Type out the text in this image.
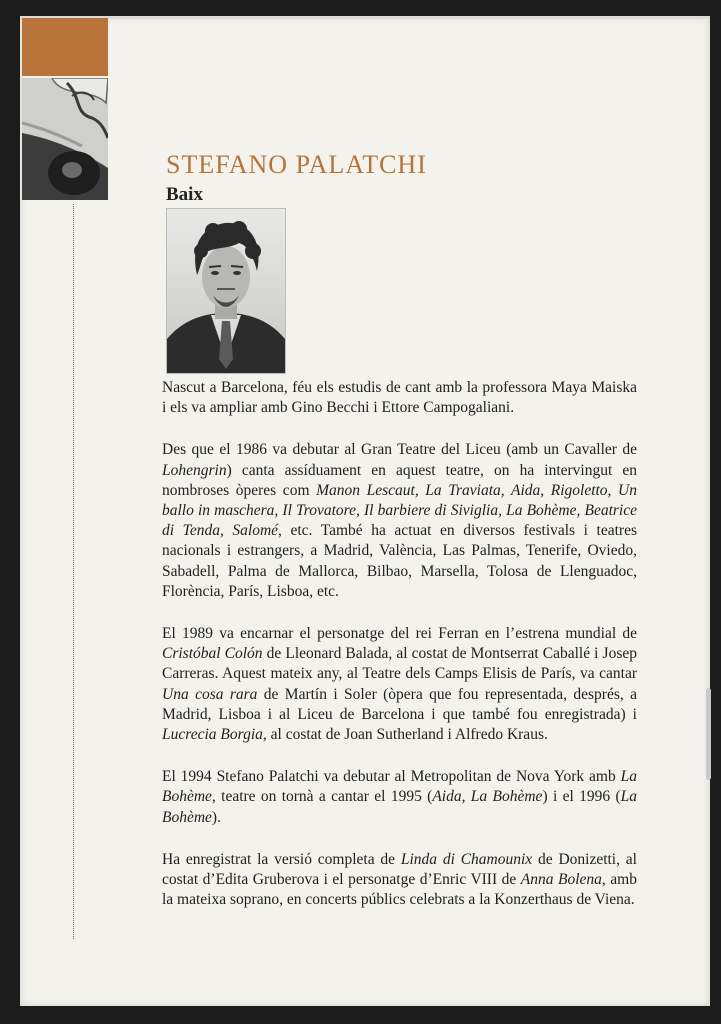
STEFANO PALATCHI
Baix

Nascut a Barcelona, féu els estudis de cant amb la professora Maya Maiska i els va ampliar amb Gino Becchi i Ettore Campogaliani.

Des que el 1986 va debutar al Gran Teatre del Liceu (amb un Cavaller de Lohengrin) canta assíduament en aquest teatre, on ha intervingut en nombroses òperes com Manon Lescaut, La Traviata, Aida, Rigoletto, Un ballo in maschera, Il Trovatore, Il barbiere di Siviglia, La Bohème, Beatrice di Tenda, Salomé, etc. També ha actuat en diversos festivals i teatres nacionals i estrangers, a Madrid, València, Las Palmas, Tenerife, Oviedo, Sabadell, Palma de Mallorca, Bilbao, Marsella, Tolosa de Llenguadoc, Florència, París, Lisboa, etc.

El 1989 va encarnar el personatge del rei Ferran en l’estrena mundial de Cristóbal Colón de Lleonard Balada, al costat de Montserrat Caballé i Josep Carreras. Aquest mateix any, al Teatre dels Camps Elisis de París, va cantar Una cosa rara de Martín i Soler (òpera que fou representada, després, a Madrid, Lisboa i al Liceu de Barcelona i que també fou enregistrada) i Lucrecia Borgia, al costat de Joan Sutherland i Alfredo Kraus.

El 1994 Stefano Palatchi va debutar al Metropolitan de Nova York amb La Bohème, teatre on tornà a cantar el 1995 (Aida, La Bohème) i el 1996 (La Bohème).

Ha enregistrat la versió completa de Linda di Chamounix de Donizetti, al costat d’Edita Gruberova i el personatge d’Enric VIII de Anna Bolena, amb la mateixa soprano, en concerts públics celebrats a la Konzerthaus de Viena.
